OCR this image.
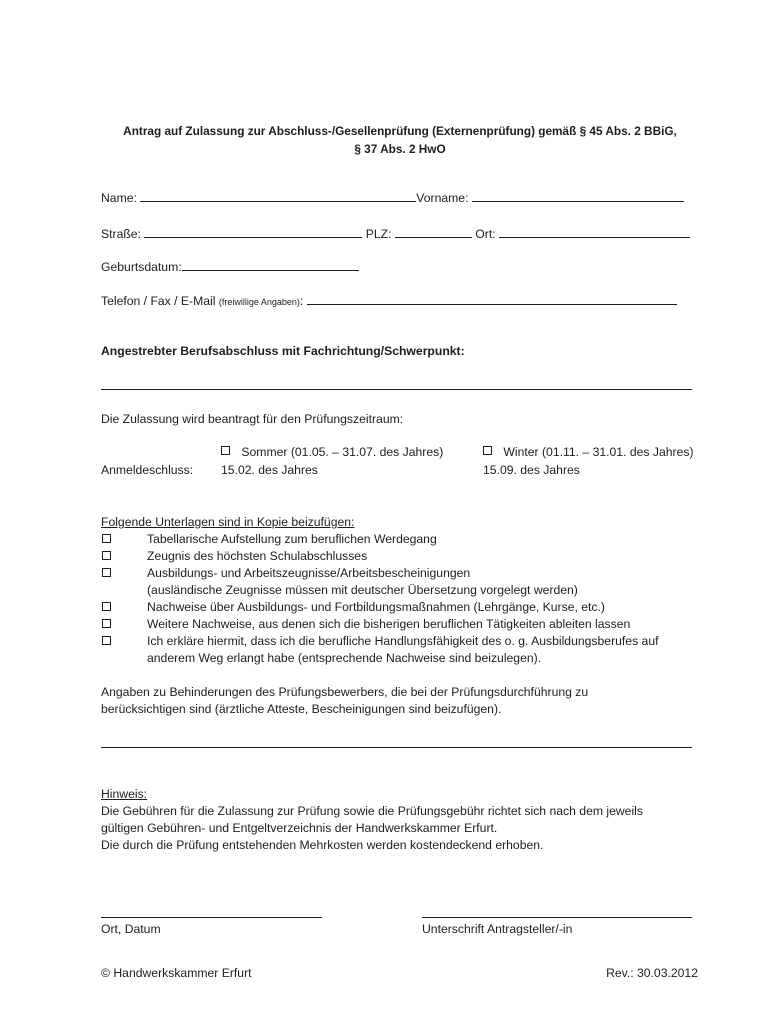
Antrag auf Zulassung zur Abschluss-/Gesellenprüfung (Externenprüfung) gemäß § 45 Abs. 2 BBiG,
§ 37 Abs. 2 HwO
Name:	Vorname:
Straße:	PLZ:	Ort:
Geburtsdatum:
Telefon / Fax / E-Mail (freiwillige Angaben):
Angestrebter Berufsabschluss mit Fachrichtung/Schwerpunkt:
Die Zulassung wird beantragt für den Prüfungszeitraum:
Sommer (01.05. – 31.07. des Jahres)	Winter (01.11. – 31.01. des Jahres)
Anmeldeschluss: 15.02. des Jahres	15.09. des Jahres
Folgende Unterlagen sind in Kopie beizufügen:
Tabellarische Aufstellung zum beruflichen Werdegang
Zeugnis des höchsten Schulabschlusses
Ausbildungs- und Arbeitszeugnisse/Arbeitsbescheinigungen
(ausländische Zeugnisse müssen mit deutscher Übersetzung vorgelegt werden)
Nachweise über Ausbildungs- und Fortbildungsmaßnahmen (Lehrgänge, Kurse, etc.)
Weitere Nachweise, aus denen sich die bisherigen beruflichen Tätigkeiten ableiten lassen
Ich erkläre hiermit, dass ich die berufliche Handlungsfähigkeit des o. g. Ausbildungsberufes auf
anderem Weg erlangt habe (entsprechende Nachweise sind beizulegen).
Angaben zu Behinderungen des Prüfungsbewerbers, die bei der Prüfungsdurchführung zu
berücksichtigen sind (ärztliche Atteste, Bescheinigungen sind beizufügen).
Hinweis:
Die Gebühren für die Zulassung zur Prüfung sowie die Prüfungsgebühr richtet sich nach dem jeweils
gültigen Gebühren- und Entgeltverzeichnis der Handwerkskammer Erfurt.
Die durch die Prüfung entstehenden Mehrkosten werden kostendeckend erhoben.
Ort, Datum	Unterschrift Antragsteller/-in
© Handwerkskammer Erfurt	Rev.: 30.03.2012
